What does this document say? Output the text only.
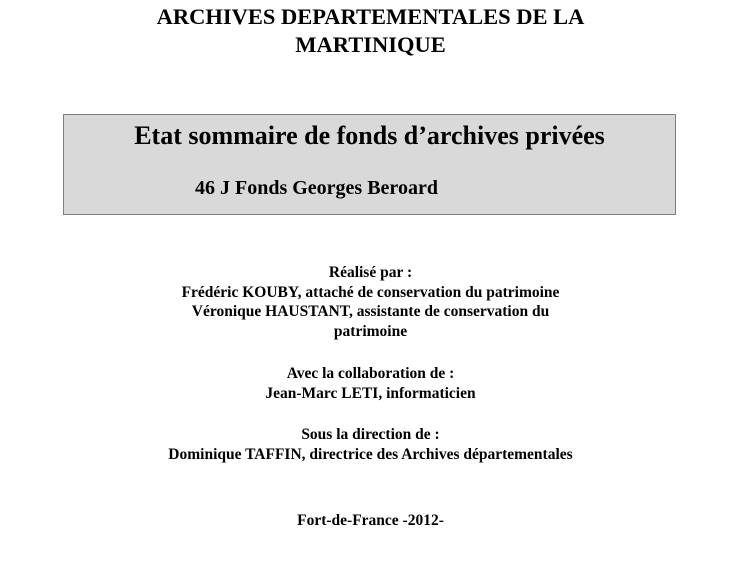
ARCHIVES DEPARTEMENTALES DE LA
MARTINIQUE
Etat sommaire de fonds d’archives privées
46 J Fonds Georges Beroard
Réalisé par :
Frédéric KOUBY, attaché de conservation du patrimoine
Véronique HAUSTANT, assistante de conservation du
patrimoine
Avec la collaboration de :
Jean-Marc LETI, informaticien
Sous la direction de :
Dominique TAFFIN, directrice des Archives départementales
Fort-de-France -2012-
